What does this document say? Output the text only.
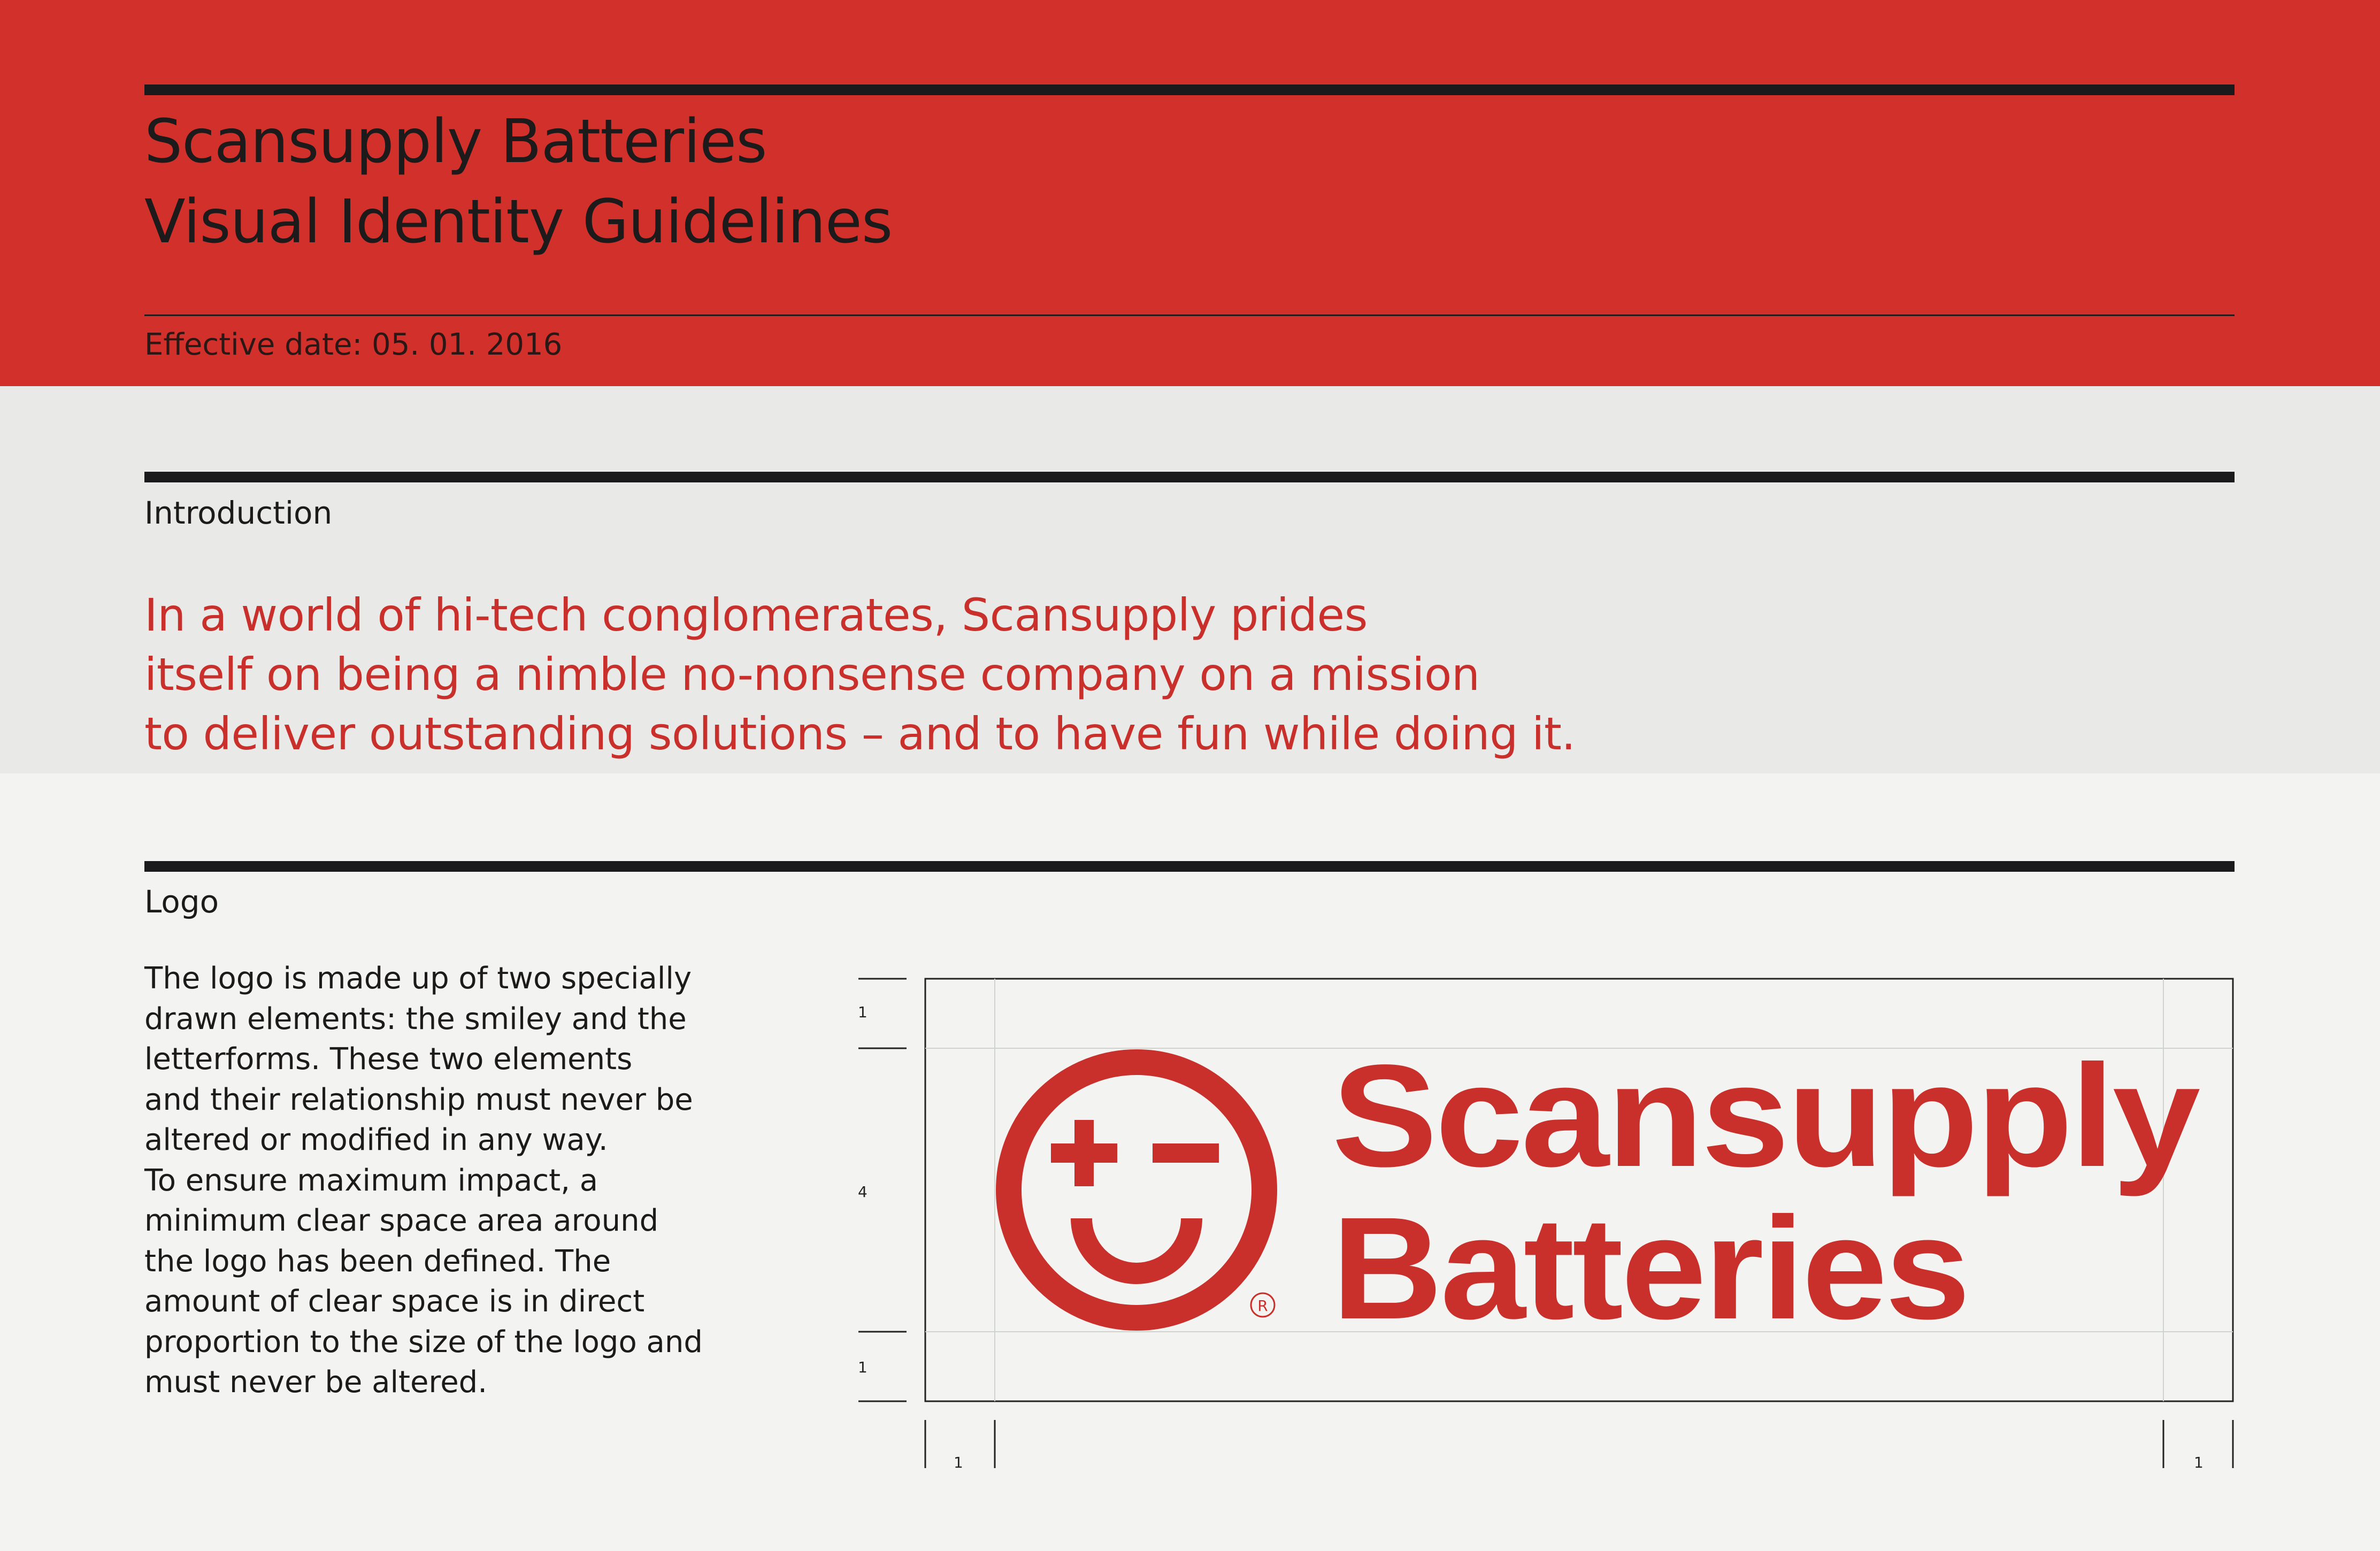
Scansupply Batteries
Visual Identity Guidelines
Effective date: 05. 01. 2016
Introduction
In a world of hi-tech conglomerates, Scansupply prides
itself on being a nimble no-nonsense company on a mission
to deliver outstanding solutions – and to have fun while doing it.
Logo
The logo is made up of two specially
drawn elements: the smiley and the
letterforms. These two elements
and their relationship must never be
altered or modified in any way.
To ensure maximum impact, a
minimum clear space area around
the logo has been defined. The
amount of clear space is in direct
proportion to the size of the logo and
must never be altered.
R
Scansupply
Batteries
1
4
1
1	1
